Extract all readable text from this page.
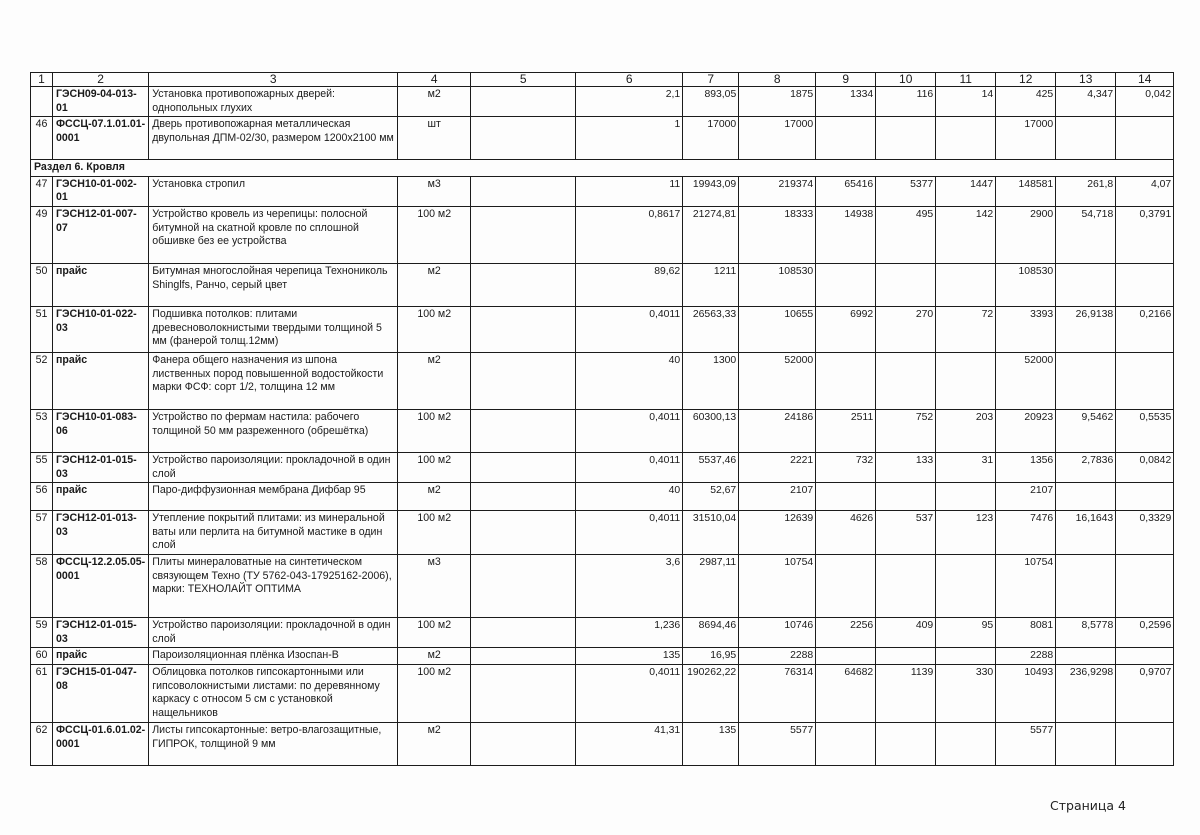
1	2	3	4	5	6	7	8	9	10	11	12	13	14
	ГЭСН09-04-013-01	Установка противопожарных дверей: однопольных глухих	м2		2,1	893,05	1875	1334	116	14	425	4,347	0,042
46	ФССЦ-07.1.01.01-0001	Дверь противопожарная металлическая двупольная ДПМ-02/30, размером 1200х2100 мм	шт		1	17000	17000				17000		
Раздел 6. Кровля													
47	ГЭСН10-01-002-01	Установка стропил	м3		11	19943,09	219374	65416	5377	1447	148581	261,8	4,07
49	ГЭСН12-01-007-07	Устройство кровель из черепицы: полосной битумной на скатной кровле по сплошной обшивке без ее устройства	100 м2		0,8617	21274,81	18333	14938	495	142	2900	54,718	0,3791
50	прайс	Битумная многослойная черепица Технониколь Shinglfs, Ранчо, серый цвет	м2		89,62	1211	108530				108530		
51	ГЭСН10-01-022-03	Подшивка потолков: плитами древесноволокнистыми твердыми толщиной 5 мм (фанерой толщ.12мм)	100 м2		0,4011	26563,33	10655	6992	270	72	3393	26,9138	0,2166
52	прайс	Фанера общего назначения из шпона лиственных пород повышенной водостойкости марки ФСФ: сорт 1/2, толщина 12 мм	м2		40	1300	52000				52000		
53	ГЭСН10-01-083-06	Устройство по фермам настила: рабочего толщиной 50 мм разреженного (обрешётка)	100 м2		0,4011	60300,13	24186	2511	752	203	20923	9,5462	0,5535
55	ГЭСН12-01-015-03	Устройство пароизоляции: прокладочной в один слой	100 м2		0,4011	5537,46	2221	732	133	31	1356	2,7836	0,0842
56	прайс	Паро-диффузионная мембрана Дифбар 95	м2		40	52,67	2107				2107		
57	ГЭСН12-01-013-03	Утепление покрытий плитами: из минеральной ваты или перлита на битумной мастике в один слой	100 м2		0,4011	31510,04	12639	4626	537	123	7476	16,1643	0,3329
58	ФССЦ-12.2.05.05-0001	Плиты минераловатные на синтетическом связующем Техно (ТУ 5762-043-17925162-2006), марки: ТЕХНОЛАЙТ ОПТИМА	м3		3,6	2987,11	10754				10754		
59	ГЭСН12-01-015-03	Устройство пароизоляции: прокладочной в один слой	100 м2		1,236	8694,46	10746	2256	409	95	8081	8,5778	0,2596
60	прайс	Пароизоляционная плёнка Изоспан-В	м2		135	16,95	2288				2288		
61	ГЭСН15-01-047-08	Облицовка потолков гипсокартонными или гипсоволокнистыми листами: по деревянному каркасу с относом 5 см с установкой нащельников	100 м2		0,4011	190262,22	76314	64682	1139	330	10493	236,9298	0,9707
62	ФССЦ-01.6.01.02-0001	Листы гипсокартонные: ветро-влагозащитные, ГИПРОК, толщиной 9 мм	м2		41,31	135	5577				5577		
Страница 4
